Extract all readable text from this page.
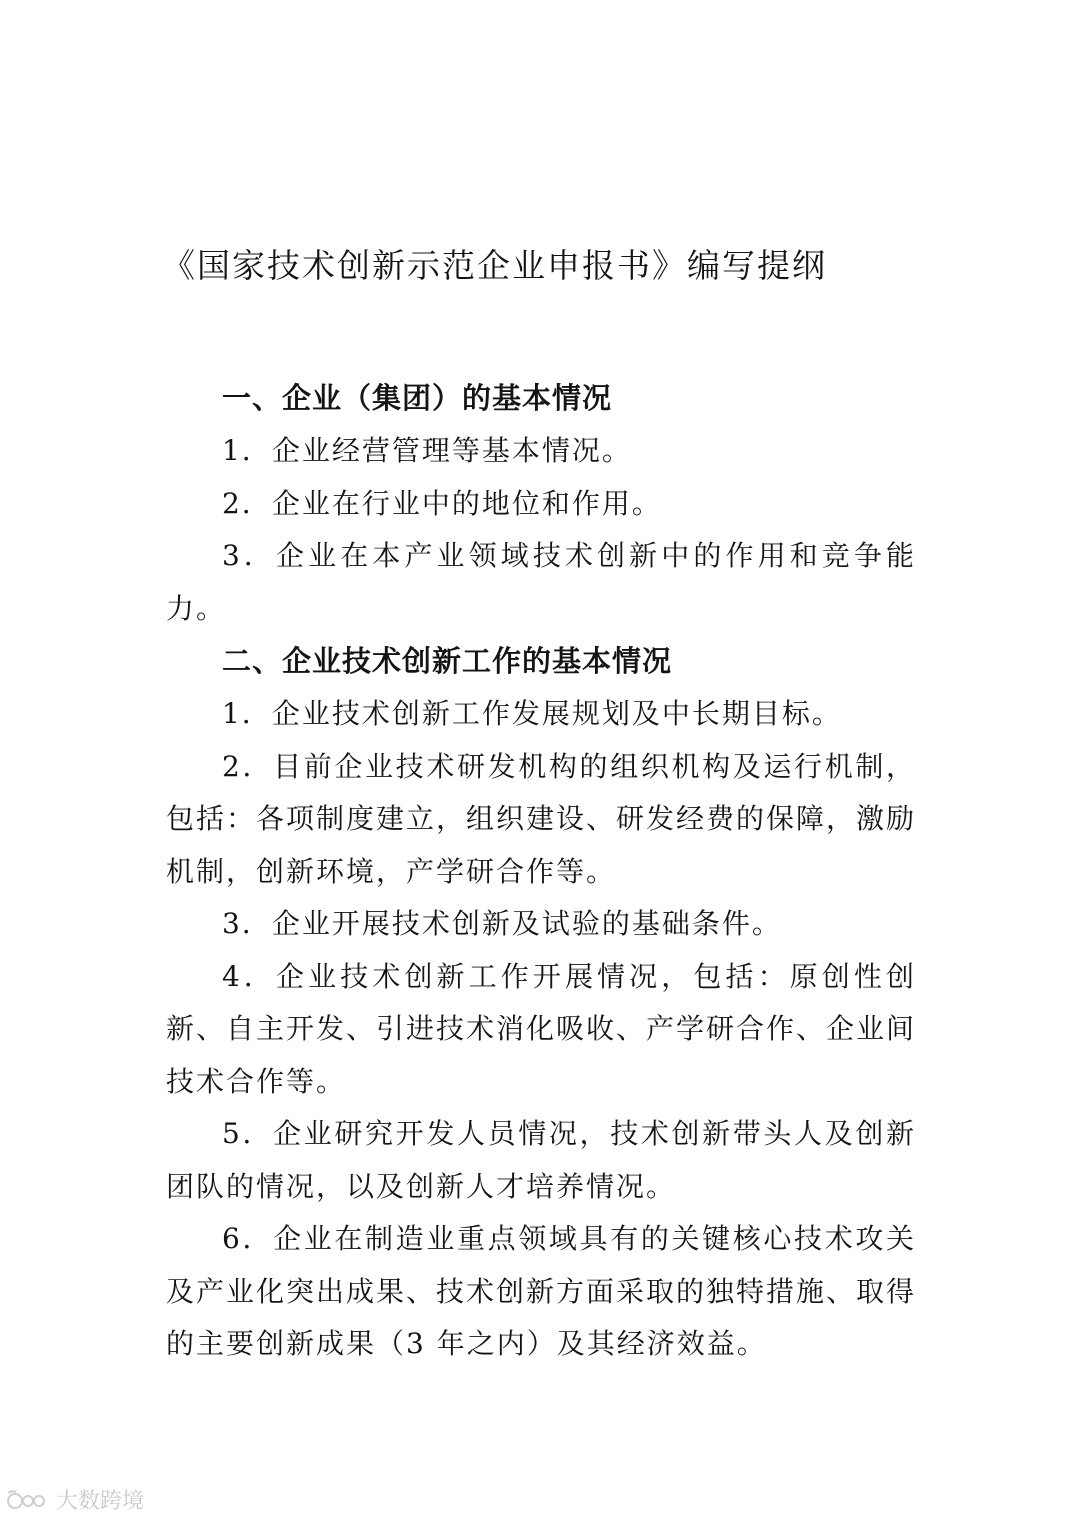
《国家技术创新示范企业申报书》编写提纲
一、企业（集团）的基本情况

1．企业经营管理等基本情况。

2．企业在行业中的地位和作用。

3．企业在本产业领域技术创新中的作用和竞争能力。

二、企业技术创新工作的基本情况

1．企业技术创新工作发展规划及中长期目标。

2．目前企业技术研发机构的组织机构及运行机制，包括：各项制度建立，组织建设、研发经费的保障，激励机制，创新环境，产学研合作等。

3．企业开展技术创新及试验的基础条件。

4．企业技术创新工作开展情况，包括：原创性创新、自主开发、引进技术消化吸收、产学研合作、企业间技术合作等。

5．企业研究开发人员情况，技术创新带头人及创新团队的情况，以及创新人才培养情况。

6．企业在制造业重点领域具有的关键核心技术攻关及产业化突出成果、技术创新方面采取的独特措施、取得的主要创新成果（3 年之内）及其经济效益。

大数跨境
